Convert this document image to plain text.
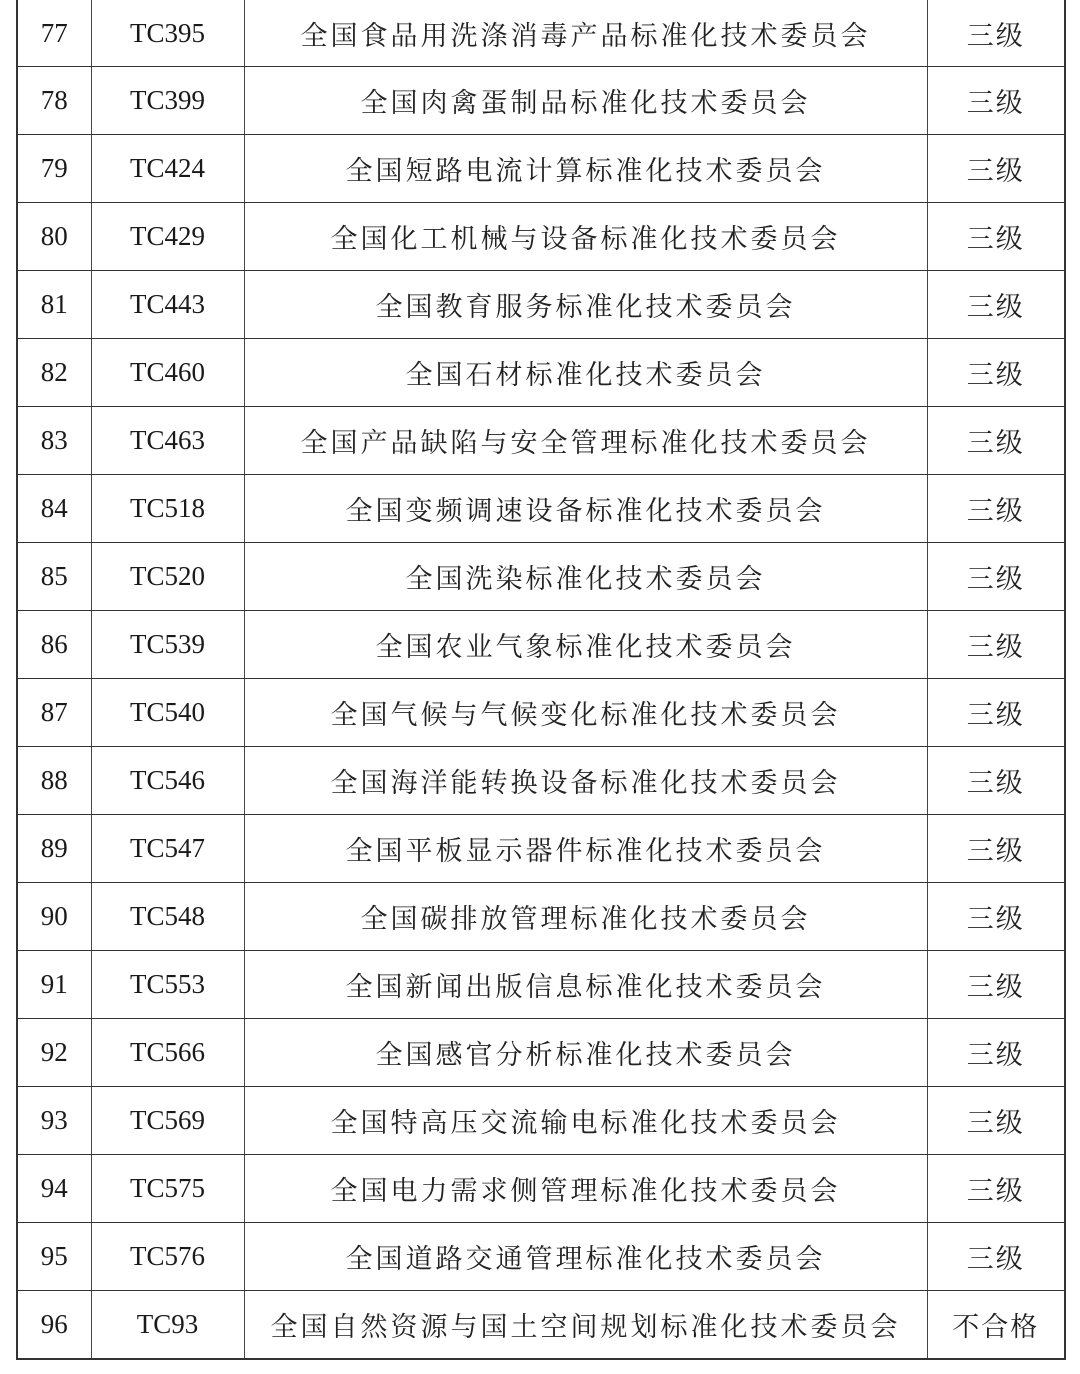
77	TC395	全国食品用洗涤消毒产品标准化技术委员会	三级
78	TC399	全国肉禽蛋制品标准化技术委员会	三级
79	TC424	全国短路电流计算标准化技术委员会	三级
80	TC429	全国化工机械与设备标准化技术委员会	三级
81	TC443	全国教育服务标准化技术委员会	三级
82	TC460	全国石材标准化技术委员会	三级
83	TC463	全国产品缺陷与安全管理标准化技术委员会	三级
84	TC518	全国变频调速设备标准化技术委员会	三级
85	TC520	全国洗染标准化技术委员会	三级
86	TC539	全国农业气象标准化技术委员会	三级
87	TC540	全国气候与气候变化标准化技术委员会	三级
88	TC546	全国海洋能转换设备标准化技术委员会	三级
89	TC547	全国平板显示器件标准化技术委员会	三级
90	TC548	全国碳排放管理标准化技术委员会	三级
91	TC553	全国新闻出版信息标准化技术委员会	三级
92	TC566	全国感官分析标准化技术委员会	三级
93	TC569	全国特高压交流输电标准化技术委员会	三级
94	TC575	全国电力需求侧管理标准化技术委员会	三级
95	TC576	全国道路交通管理标准化技术委员会	三级
96	TC93	全国自然资源与国土空间规划标准化技术委员会	不合格
